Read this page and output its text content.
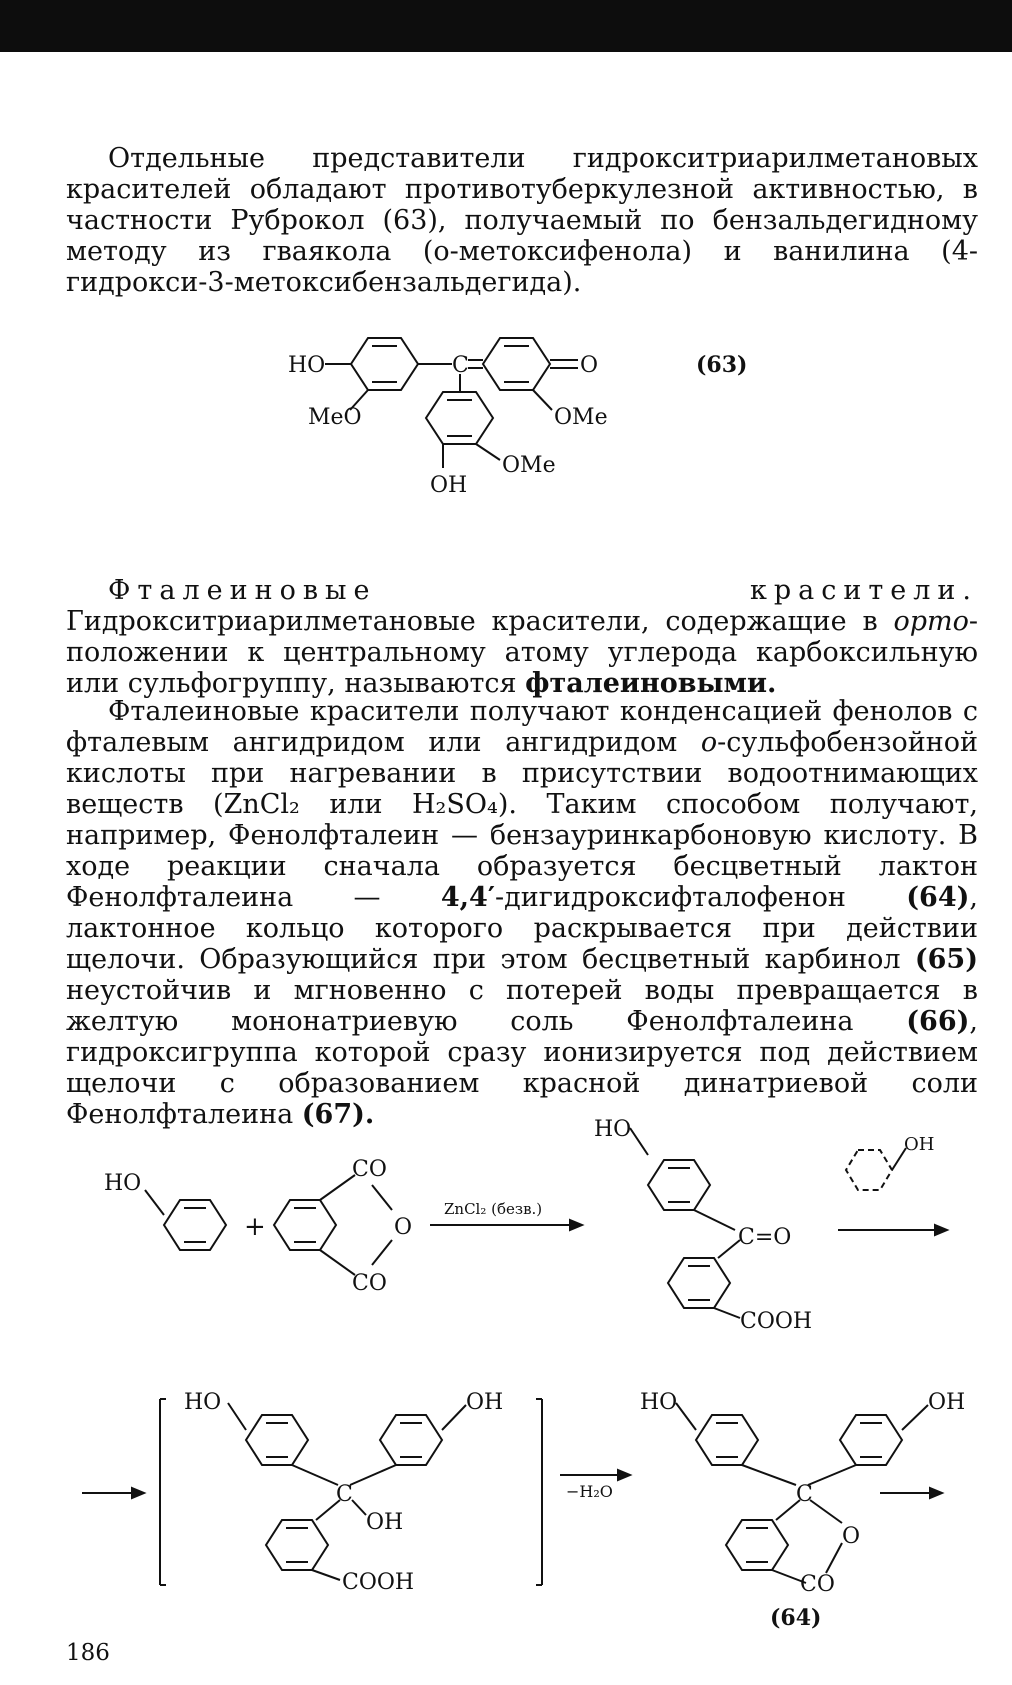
Отдельные представители гидрокситриарилметановых красителей обладают противотуберкулезной активностью, в частности Руброкол (63), получаемый по бензальдегидному методу из гваякола (о-метоксифенола) и ванилина (4-гидрокси-3-метоксибензальдегида).

HO
MeO
C	O
OMe
OMe
OH
(63)

Фталеиновые красители. Гидрокситриарилметановые красители, содержащие в орто-положении к центральному атому углерода карбоксильную или сульфогруппу, называются фталеиновыми.

Фталеиновые красители получают конденсацией фенолов с фталевым ангидридом или ангидридом о-сульфобензойной кислоты при нагревании в присутствии водоотнимающих веществ (ZnCl₂ или H₂SO₄). Таким способом получают, например, Фенолфталеин — бензауринкарбоновую кислоту. В ходе реакции сначала образуется бесцветный лактон Фенолфталеина — 4,4′-дигидроксифталофенон (64), лактонное кольцо которого раскрывается при действии щелочи. Образующийся при этом бесцветный карбинол (65) неустойчив и мгновенно с потерей воды превращается в желтую мононатриевую соль Фенолфталеина (66), гидроксигруппа которой сразу ионизируется под действием щелочи с образованием красной динатриевой соли Фенолфталеина (67).

HO
+
CO
O
CO
ZnCl₂ (безв.)
HO
C=O
COOH
OH
HO	OH
C
OH
COOH
−H₂O
HO	OH
C
O
CO
(64)
186
